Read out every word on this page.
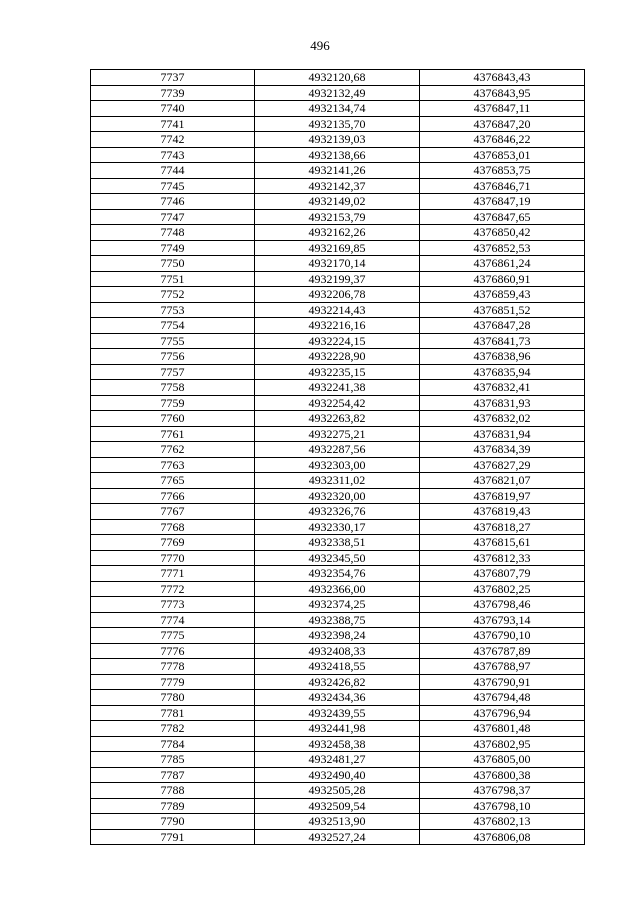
496
7737	4932120,68	4376843,43
7739	4932132,49	4376843,95
7740	4932134,74	4376847,11
7741	4932135,70	4376847,20
7742	4932139,03	4376846,22
7743	4932138,66	4376853,01
7744	4932141,26	4376853,75
7745	4932142,37	4376846,71
7746	4932149,02	4376847,19
7747	4932153,79	4376847,65
7748	4932162,26	4376850,42
7749	4932169,85	4376852,53
7750	4932170,14	4376861,24
7751	4932199,37	4376860,91
7752	4932206,78	4376859,43
7753	4932214,43	4376851,52
7754	4932216,16	4376847,28
7755	4932224,15	4376841,73
7756	4932228,90	4376838,96
7757	4932235,15	4376835,94
7758	4932241,38	4376832,41
7759	4932254,42	4376831,93
7760	4932263,82	4376832,02
7761	4932275,21	4376831,94
7762	4932287,56	4376834,39
7763	4932303,00	4376827,29
7765	4932311,02	4376821,07
7766	4932320,00	4376819,97
7767	4932326,76	4376819,43
7768	4932330,17	4376818,27
7769	4932338,51	4376815,61
7770	4932345,50	4376812,33
7771	4932354,76	4376807,79
7772	4932366,00	4376802,25
7773	4932374,25	4376798,46
7774	4932388,75	4376793,14
7775	4932398,24	4376790,10
7776	4932408,33	4376787,89
7778	4932418,55	4376788,97
7779	4932426,82	4376790,91
7780	4932434,36	4376794,48
7781	4932439,55	4376796,94
7782	4932441,98	4376801,48
7784	4932458,38	4376802,95
7785	4932481,27	4376805,00
7787	4932490,40	4376800,38
7788	4932505,28	4376798,37
7789	4932509,54	4376798,10
7790	4932513,90	4376802,13
7791	4932527,24	4376806,08
